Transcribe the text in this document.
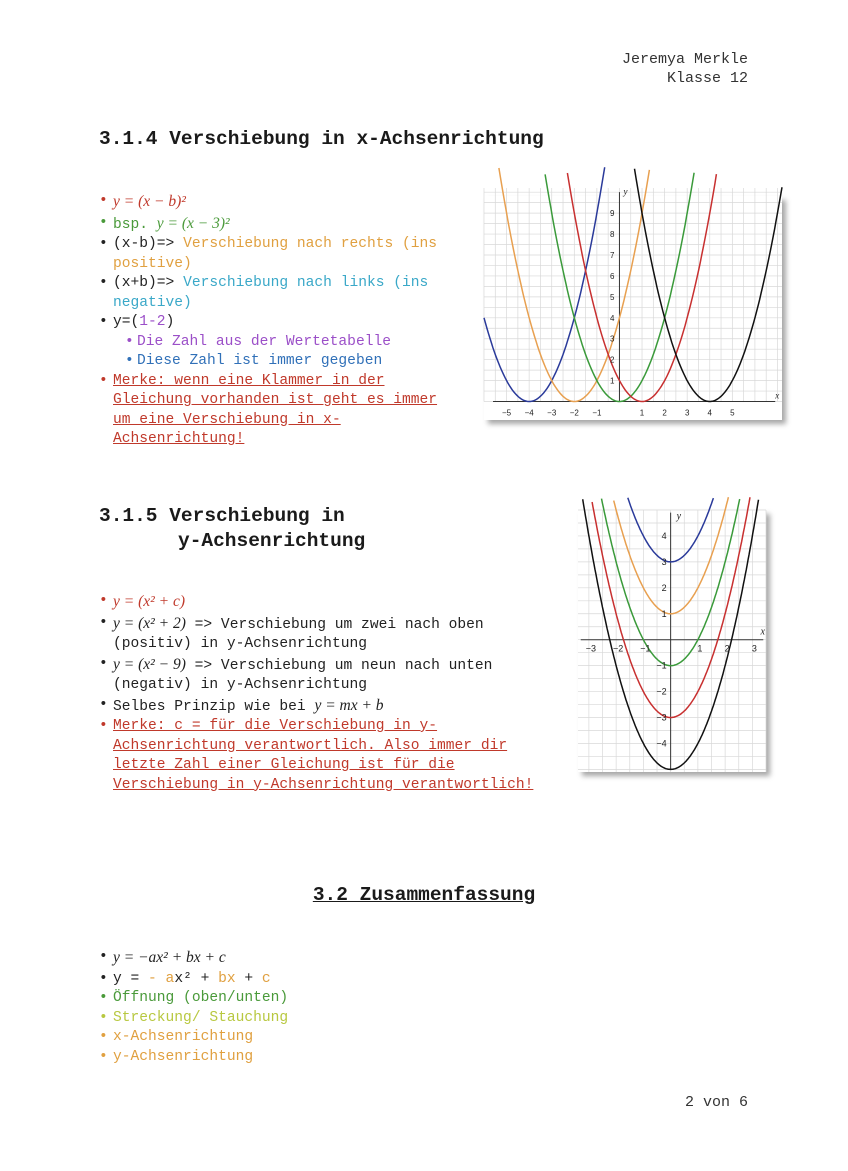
Jeremya Merkle
Klasse 12
3.1.4 Verschiebung in x-Achsenrichtung
• y = (x − b)²
• bsp. y = (x − 3)²
• (x-b)=> Verschiebung nach rechts (ins positive)
• (x+b)=> Verschiebung nach links (ins negative)
• y=(1-2)
• Die Zahl aus der Wertetabelle
• Diese Zahl ist immer gegeben
• Merke: wenn eine Klammer in der Gleichung vorhanden ist geht es immer um eine Verschiebung in x-Achsenrichtung!
−5 −4 −3 −2 −1	1 2 3 4 5
1
2
3
4
5
6
7
8
9
x
y
3.1.5 Verschiebung in
y-Achsenrichtung
• y = (x² + c)
• y = (x² + 2) => Verschiebung um zwei nach oben (positiv) in y-Achsenrichtung
• y = (x² − 9) => Verschiebung um neun nach unten (negativ) in y-Achsenrichtung
• Selbes Prinzip wie bei y = mx + b
• Merke: c = für die Verschiebung in y-Achsenrichtung verantwortlich. Also immer dir letzte Zahl einer Gleichung ist für die Verschiebung in y-Achsenrichtung verantwortlich!
−3 −2 −1	1 2 3
4
3
2
1
−1
−2
−3
−4
x
y
3.2 Zusammenfassung
• y = −ax² + bx + c
• y = - ax² + bx + c
• Öffnung (oben/unten)
• Streckung/ Stauchung
• x-Achsenrichtung
• y-Achsenrichtung
2 von 6
